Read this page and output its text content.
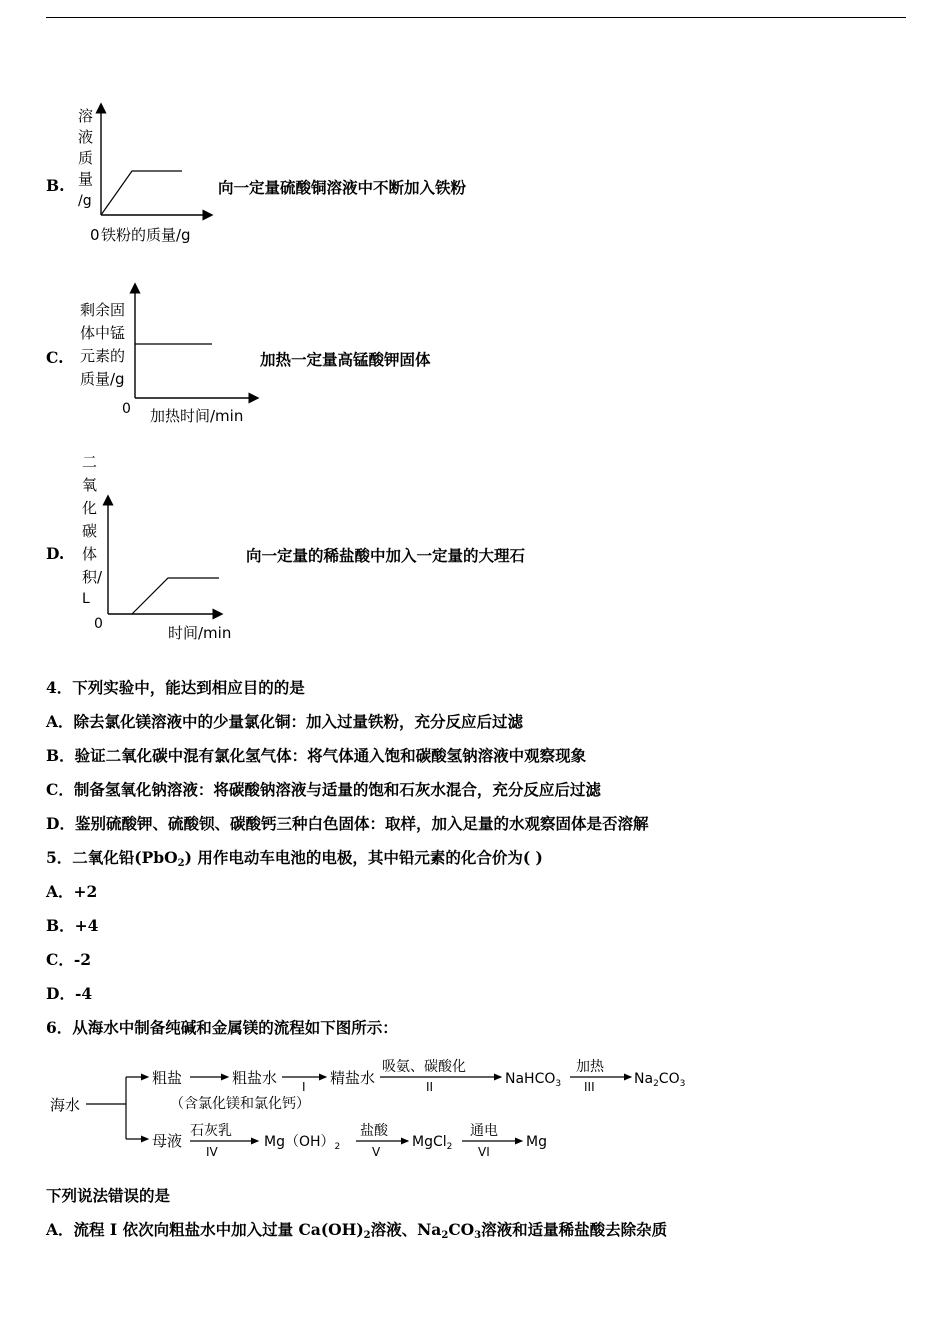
B.
溶
液
质
量
/g
0 铁粉的质量/g
向一定量硫酸铜溶液中不断加入铁粉
C.
剩余固
体中锰
元素的
质量/g
0 加热时间/min
加热一定量高锰酸钾固体
D.
二
氧
化
碳
体
积/
L
0	时间/min
向一定量的稀盐酸中加入一定量的大理石
4．下列实验中，能达到相应目的的是
A．除去氯化镁溶液中的少量氯化铜：加入过量铁粉，充分反应后过滤
B．验证二氧化碳中混有氯化氢气体：将气体通入饱和碳酸氢钠溶液中观察现象
C．制备氢氧化钠溶液：将碳酸钠溶液与适量的饱和石灰水混合，充分反应后过滤
D．鉴别硫酸钾、硫酸钡、碳酸钙三种白色固体：取样，加入足量的水观察固体是否溶解
5．二氧化铅(PbO$_2$) 用作电动车电池的电极，其中铅元素的化合价为( )
A．+2
B．+4
C．-2
D．-4
6．从海水中制备纯碱和金属镁的流程如下图所示：
海水
粗盐	粗盐水 I 精盐水
吸氨、碳酸化
II	NaHCO$_3$
加热
III	$Na_2CO_3$
（含氯化镁和氯化钙）
母液
石灰乳
IV
$Mg(OH)_2$
盐酸
V
MgCl$_2$
通电
VI
Mg
下列说法错误的是
A．流程 I 依次向粗盐水中加入过量 $Ca(OH)_2$溶液、$Na_2CO_3$溶液和适量稀盐酸去除杂质
